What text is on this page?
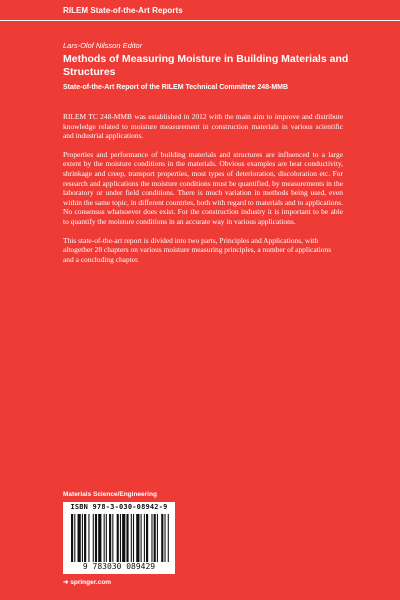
RILEM State-of-the-Art Reports
Lars-Olof Nilsson Editor
Methods of Measuring Moisture in Building Materials and Structures
State-of-the-Art Report of the RILEM Technical Committee 248-MMB

RILEM TC 248-MMB was established in 2012 with the main aim to improve and distribute knowledge related to moisture measurement in construction materials in various scientific and industrial applications.

Properties and performance of building materials and structures are influenced to a large extent by the moisture conditions in the materials. Obvious examples are heat conductivity, shrinkage and creep, transport properties, most types of deterioration, discoloration etc. For research and applications the moisture conditions must be quantified, by measurements in the laboratory or under field conditions. There is much variation in methods being used, even within the same topic, in different countries, both with regard to materials and to applications. No consensus whatsoever does exist. For the construction industry it is important to be able to quantify the moisture conditions in an accurate way in various applications.

This state-of-the-art report is divided into two parts, Principles and Applications, with altogether 28 chapters on various moisture measuring principles, a number of applications and a concluding chapter.

Materials Science/Engineering
ISBN 978-3-030-08942-9
9 783030 089429
➜ springer.com
